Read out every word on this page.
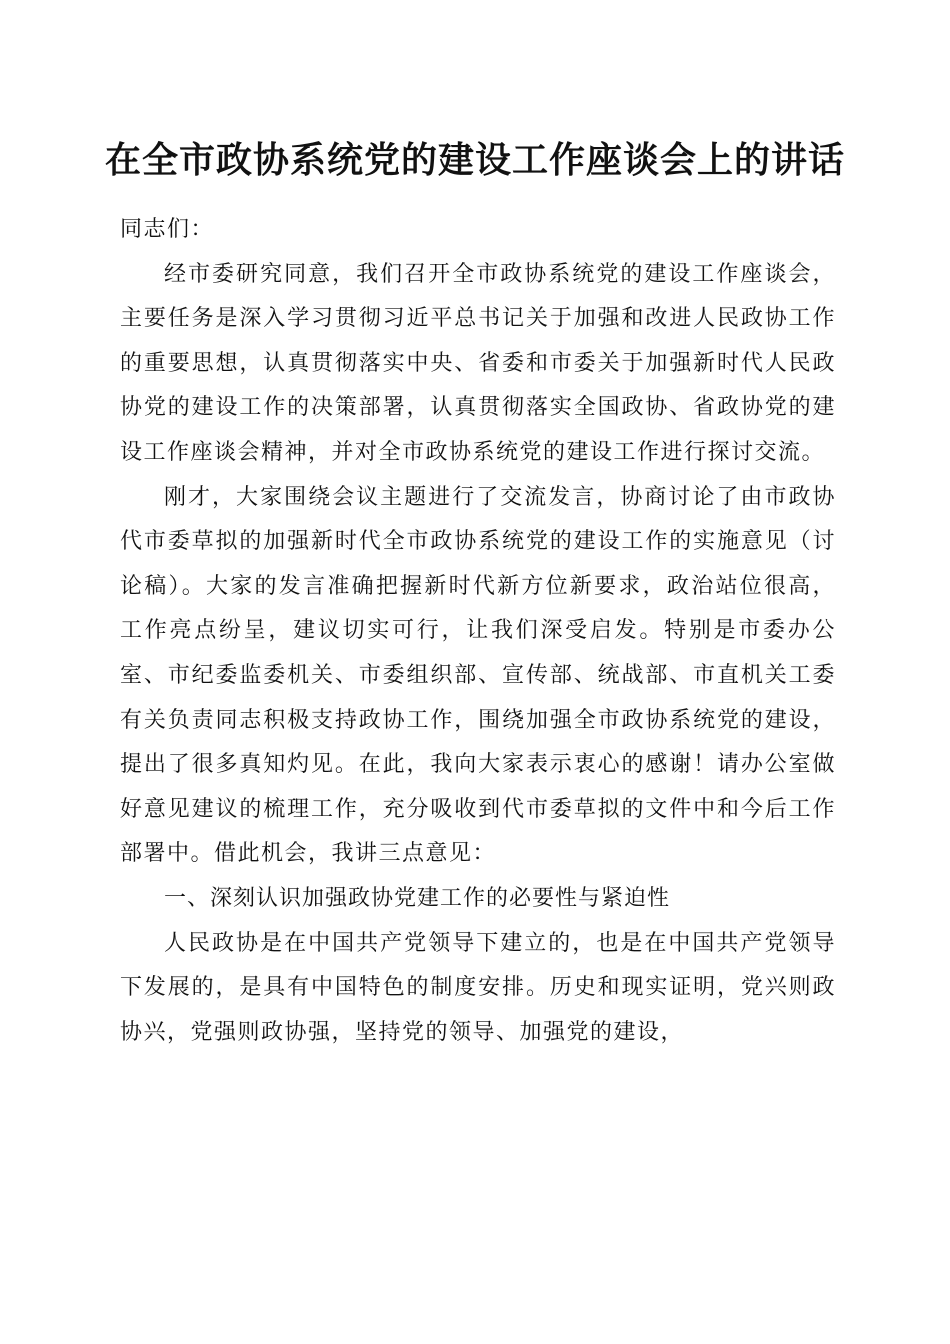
在全市政协系统党的建设工作座谈会上的讲话

同志们：

经市委研究同意，我们召开全市政协系统党的建设工作座谈会，主要任务是深入学习贯彻习近平总书记关于加强和改进人民政协工作的重要思想，认真贯彻落实中央、省委和市委关于加强新时代人民政协党的建设工作的决策部署，认真贯彻落实全国政协、省政协党的建设工作座谈会精神，并对全市政协系统党的建设工作进行探讨交流。

刚才，大家围绕会议主题进行了交流发言，协商讨论了由市政协代市委草拟的加强新时代全市政协系统党的建设工作的实施意见（讨论稿）。大家的发言准确把握新时代新方位新要求，政治站位很高，工作亮点纷呈，建议切实可行，让我们深受启发。特别是市委办公室、市纪委监委机关、市委组织部、宣传部、统战部、市直机关工委有关负责同志积极支持政协工作，围绕加强全市政协系统党的建设，提出了很多真知灼见。在此，我向大家表示衷心的感谢！请办公室做好意见建议的梳理工作，充分吸收到代市委草拟的文件中和今后工作部署中。借此机会，我讲三点意见：

一、深刻认识加强政协党建工作的必要性与紧迫性

人民政协是在中国共产党领导下建立的，也是在中国共产党领导下发展的，是具有中国特色的制度安排。历史和现实证明，党兴则政协兴，党强则政协强，坚持党的领导、加强党的建设，
